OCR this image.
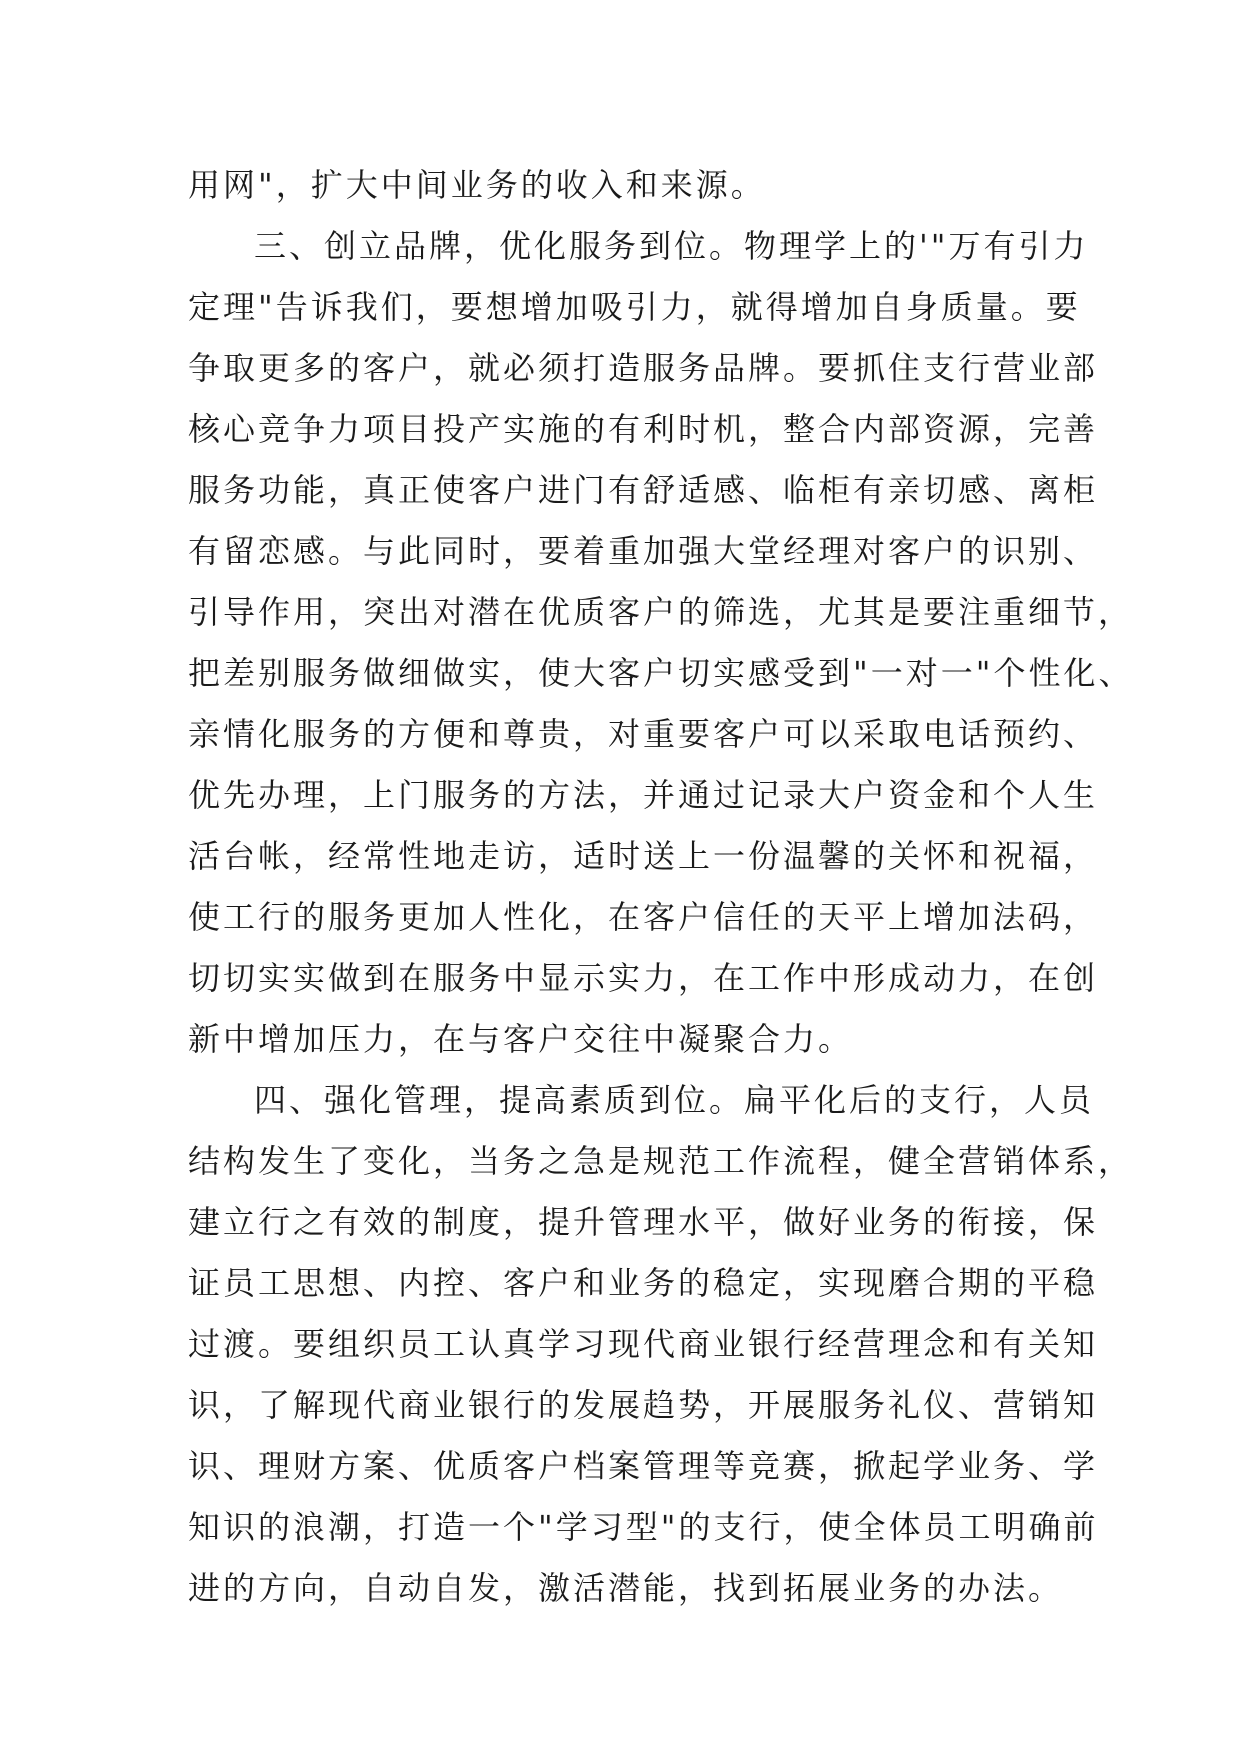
用网"，扩大中间业务的收入和来源。
三、创立品牌，优化服务到位。物理学上的'"万有引力
定理"告诉我们，要想增加吸引力，就得增加自身质量。要
争取更多的客户，就必须打造服务品牌。要抓住支行营业部
核心竞争力项目投产实施的有利时机，整合内部资源，完善
服务功能，真正使客户进门有舒适感、临柜有亲切感、离柜
有留恋感。与此同时，要着重加强大堂经理对客户的识别、
引导作用，突出对潜在优质客户的筛选，尤其是要注重细节，
把差别服务做细做实，使大客户切实感受到"一对一"个性化、
亲情化服务的方便和尊贵，对重要客户可以采取电话预约、
优先办理，上门服务的方法，并通过记录大户资金和个人生
活台帐，经常性地走访，适时送上一份温馨的关怀和祝福，
使工行的服务更加人性化，在客户信任的天平上增加法码，
切切实实做到在服务中显示实力，在工作中形成动力，在创
新中增加压力，在与客户交往中凝聚合力。
四、强化管理，提高素质到位。扁平化后的支行，人员
结构发生了变化，当务之急是规范工作流程，健全营销体系，
建立行之有效的制度，提升管理水平，做好业务的衔接，保
证员工思想、内控、客户和业务的稳定，实现磨合期的平稳
过渡。要组织员工认真学习现代商业银行经营理念和有关知
识，了解现代商业银行的发展趋势，开展服务礼仪、营销知
识、理财方案、优质客户档案管理等竞赛，掀起学业务、学
知识的浪潮，打造一个"学习型"的支行，使全体员工明确前
进的方向，自动自发，激活潜能，找到拓展业务的办法。
